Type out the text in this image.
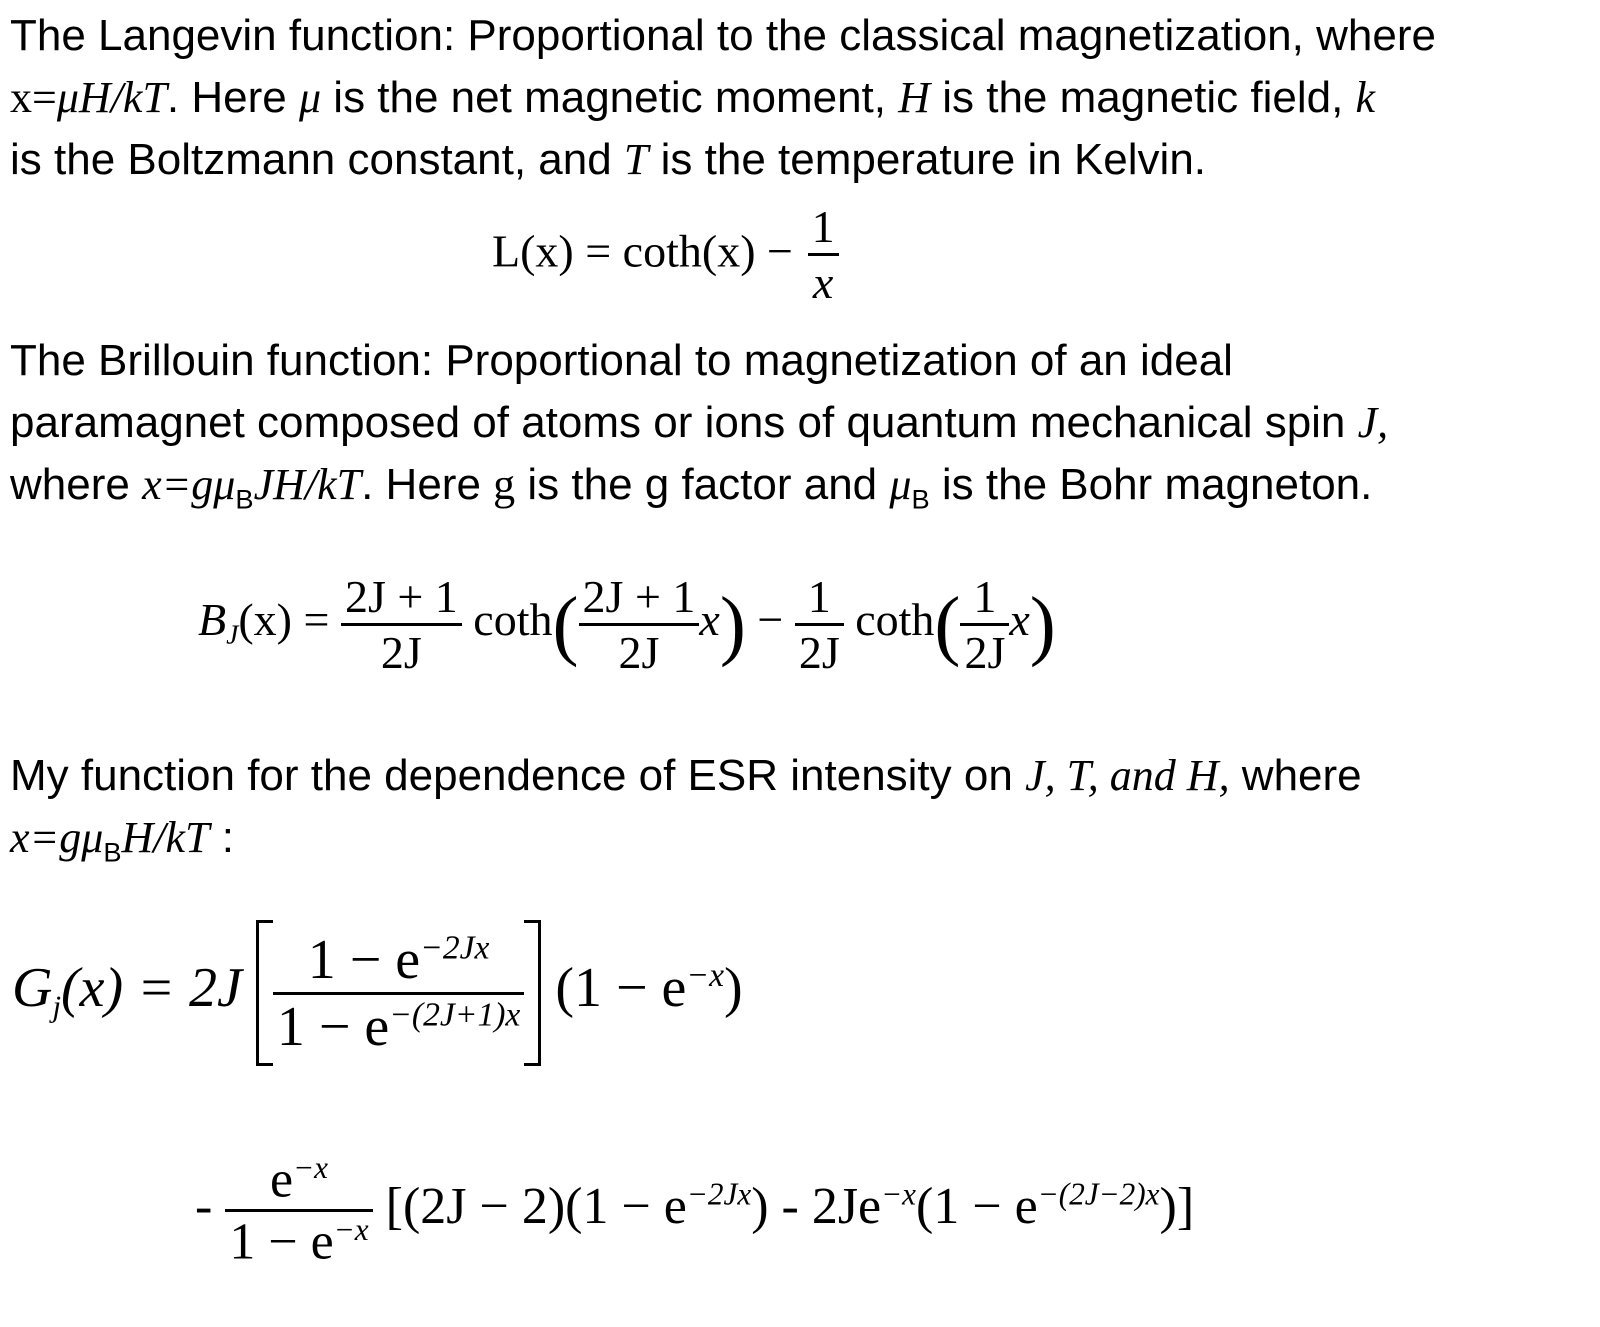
The Langevin function: Proportional to the classical magnetization, where
x=μH/kT. Here μ is the net magnetic moment, H is the magnetic field, k
is the Boltzmann constant, and T is the temperature in Kelvin.
$L(x) = \cot h(x) - \frac{1}{x}$
The Brillouin function: Proportional to magnetization of an ideal
paramagnet composed of atoms or ions of quantum mechanical spin J,
where $x=g\mu_BJH/kT$. Here g is the g factor and $\mu_B$ is the Bohr magneton.
$BJ(x) = \frac{2J + 1}{2J} \cot h( \frac{2J + 1}{2J} x) - \frac{1}{2J} \cot h( \frac{1}{2J} x)$
My function for the dependence of ESR intensity on J, T, and H, where
$x=g\mu_BH/kT$ :
$Gj(x) = 2J \frac{1 - e^{-2Jx}}{1 - e^{-(2J+1)x}} (1 - e^{-x})$
- $\frac{e^{-x}}{1 - e^{-x}} [(2J - 2)(1 - e^{-2Jx}) - 2Je^{-x}(1 - e^{-(2J-2)x})]$
